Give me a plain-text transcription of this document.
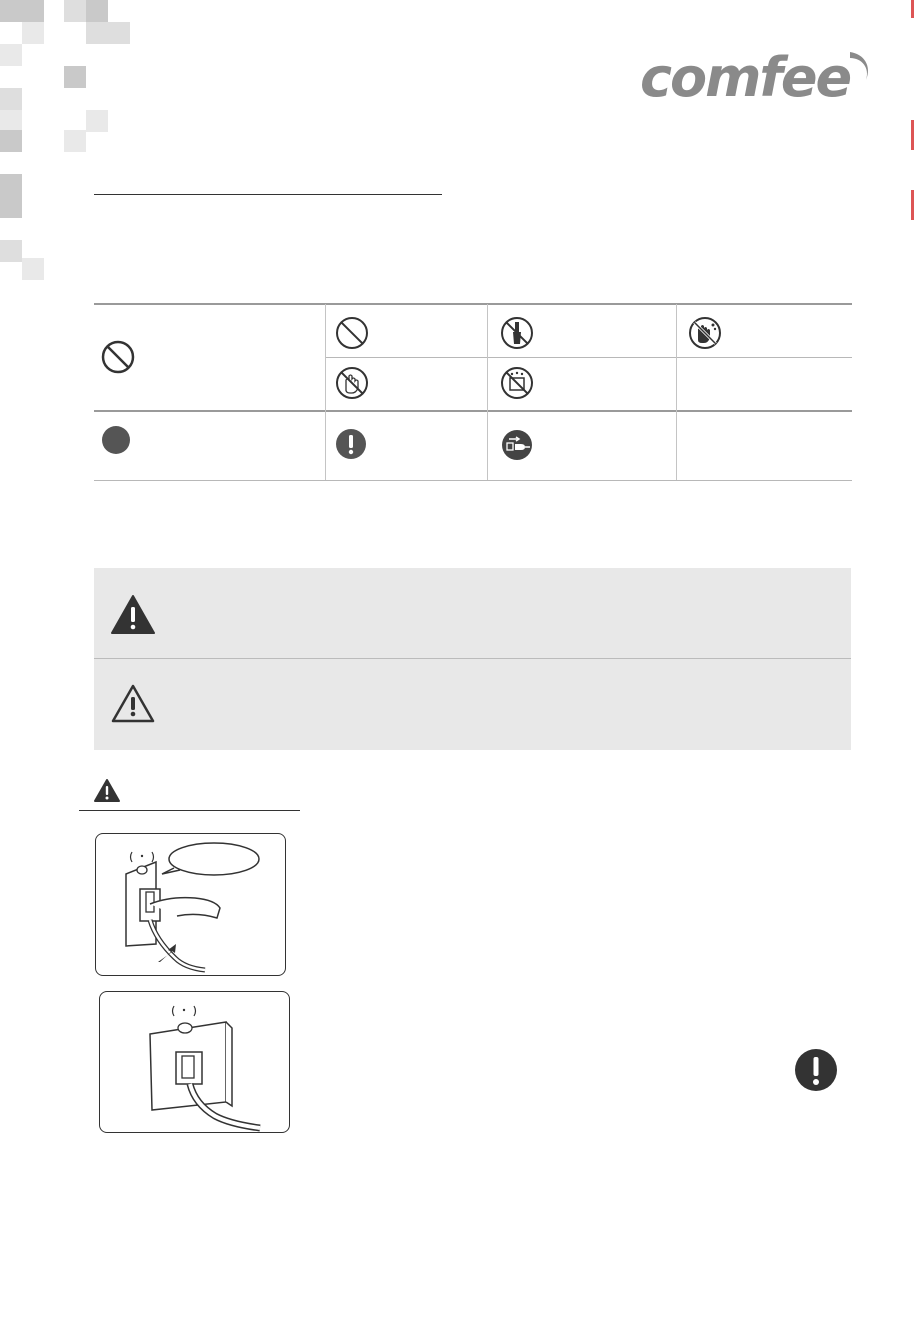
comfee
